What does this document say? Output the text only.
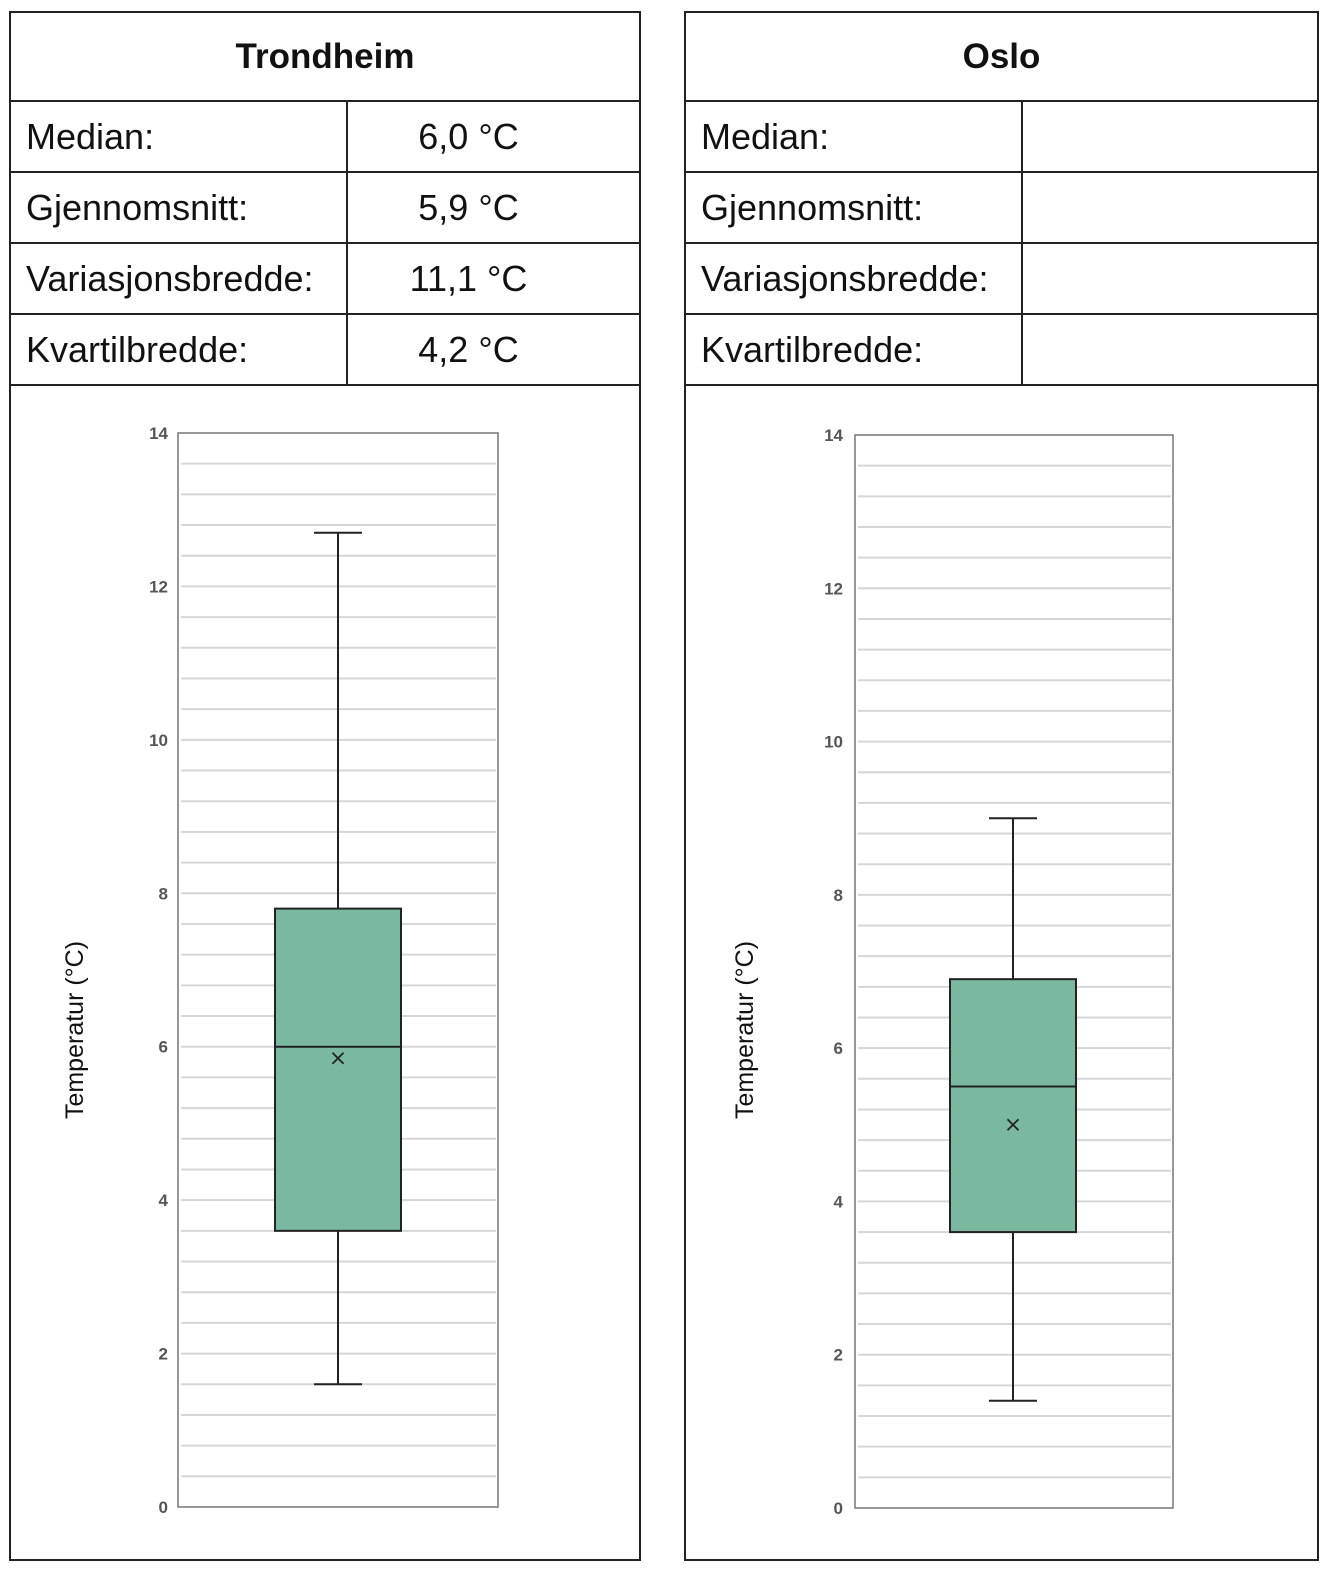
Trondheim
Median:	6,0 °C
Gjennomsnitt:	5,9 °C
Variasjonsbredde:	11,1 °C
Kvartilbredde:	4,2 °C
Oslo
Median:	
Gjennomsnitt:	
Variasjonsbredde:	
Kvartilbredde:	
0
2
4
6
8
10
12
14
Temperatur (°C)
0
2
4
6
8
10
12
14
Temperatur (°C)
